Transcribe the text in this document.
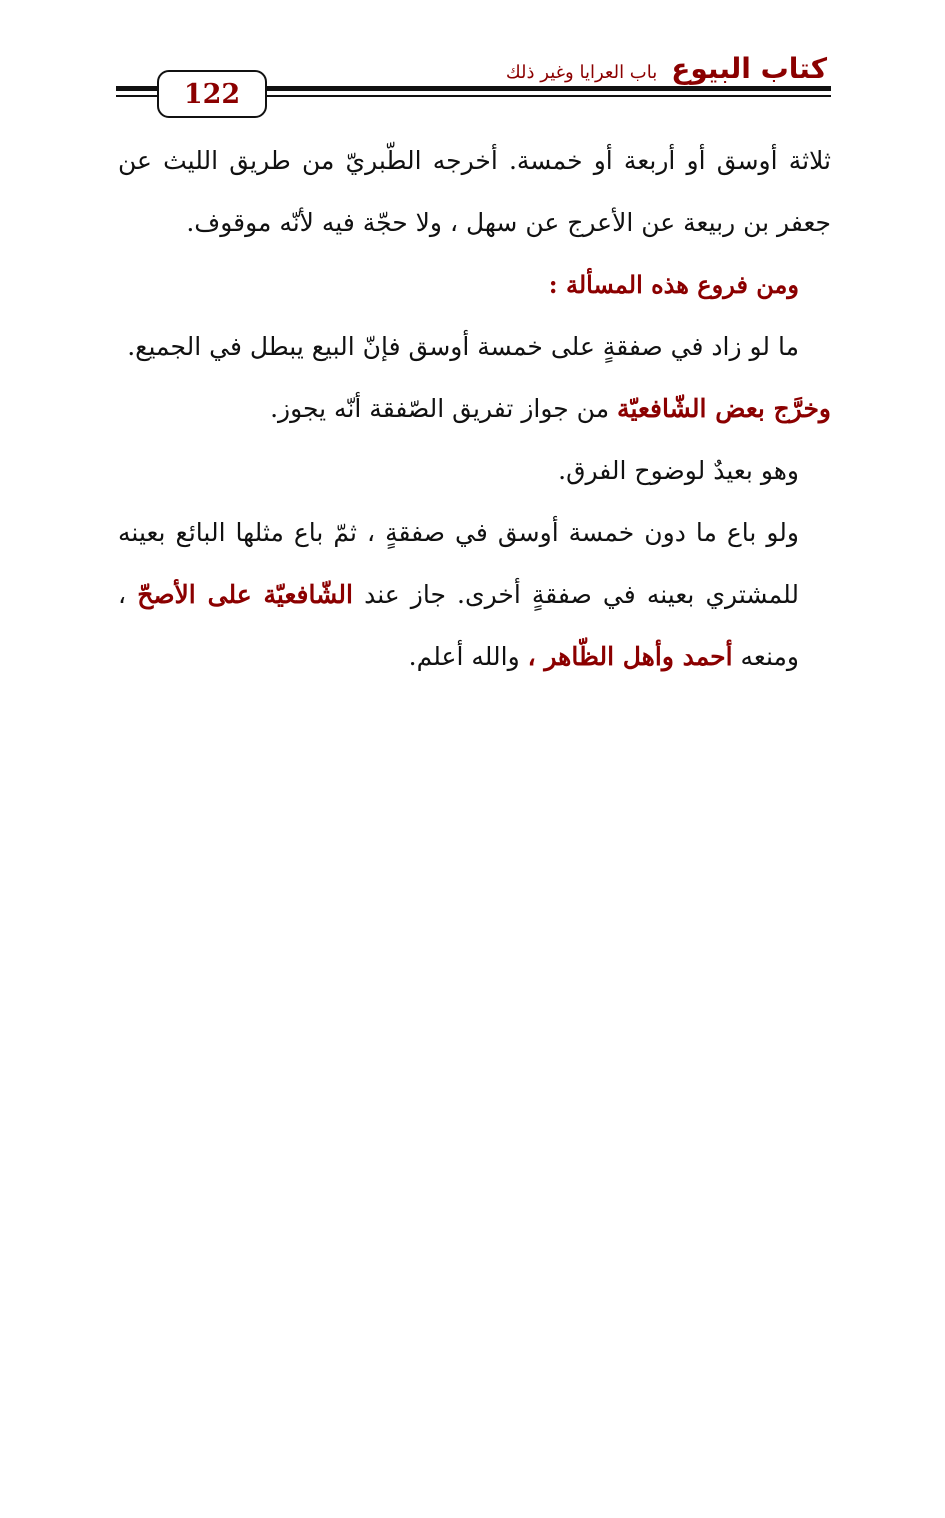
كتاب البيوع
باب العرايا وغير ذلك
122

ثلاثة أوسق أو أربعة أو خمسة. أخرجه الطّبريّ من طريق الليث عن جعفر بن ربيعة عن الأعرج عن سهل ، ولا حجّة فيه لأنّه موقوف.

ومن فروع هذه المسألة :

ما لو زاد في صفقةٍ على خمسة أوسق فإنّ البيع يبطل في الجميع.

وخرَّج بعض الشّافعيّة من جواز تفريق الصّفقة أنّه يجوز.

وهو بعيدٌ لوضوح الفرق.

ولو باع ما دون خمسة أوسق في صفقةٍ ، ثمّ باع مثلها البائع بعينه للمشتري بعينه في صفقةٍ أخرى. جاز عند الشّافعيّة على الأصحّ ، ومنعه أحمد وأهل الظّاهر ، والله أعلم.
